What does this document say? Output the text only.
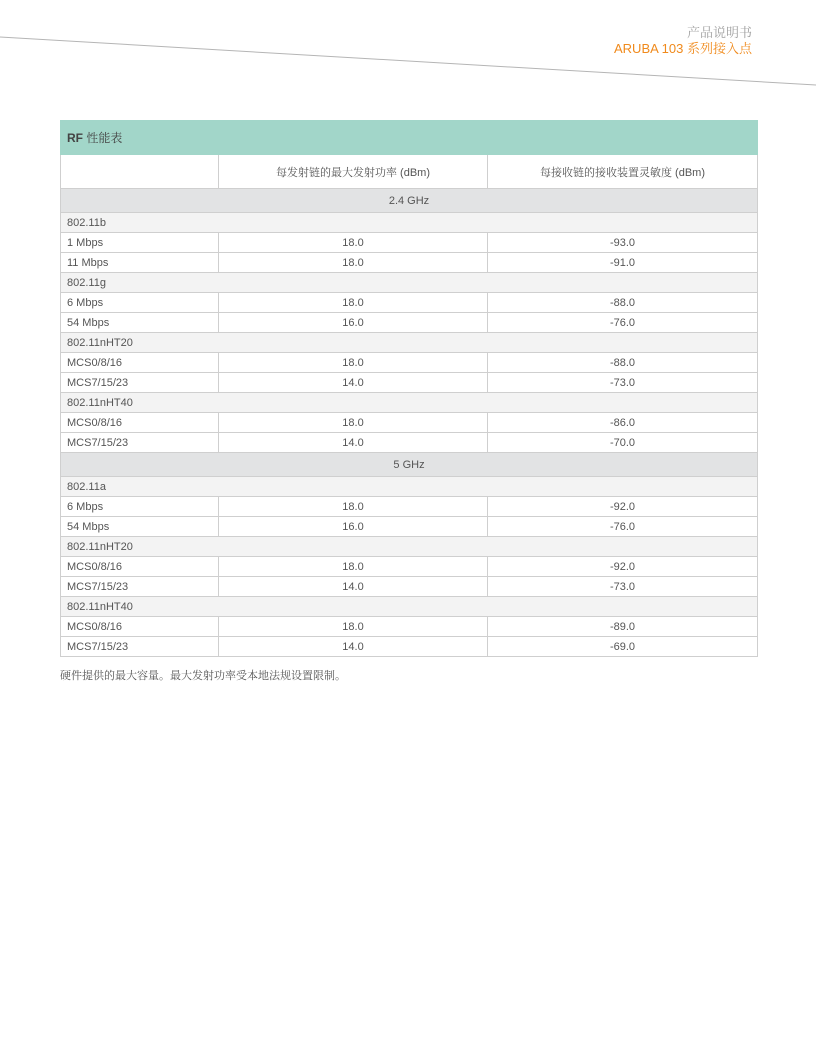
产品说明书
ARUBA 103 系列接入点
RF 性能表		
	每发射链的最大发射功率 (dBm)	每接收链的接收装置灵敏度 (dBm)
2.4 GHz		
802.11b		
1 Mbps	18.0	-93.0
11 Mbps	18.0	-91.0
802.11g		
6 Mbps	18.0	-88.0
54 Mbps	16.0	-76.0
802.11nHT20		
MCS0/8/16	18.0	-88.0
MCS7/15/23	14.0	-73.0
802.11nHT40		
MCS0/8/16	18.0	-86.0
MCS7/15/23	14.0	-70.0
5 GHz		
802.11a		
6 Mbps	18.0	-92.0
54 Mbps	16.0	-76.0
802.11nHT20		
MCS0/8/16	18.0	-92.0
MCS7/15/23	14.0	-73.0
802.11nHT40		
MCS0/8/16	18.0	-89.0
MCS7/15/23	14.0	-69.0
硬件提供的最大容量。最大发射功率受本地法规设置限制。
